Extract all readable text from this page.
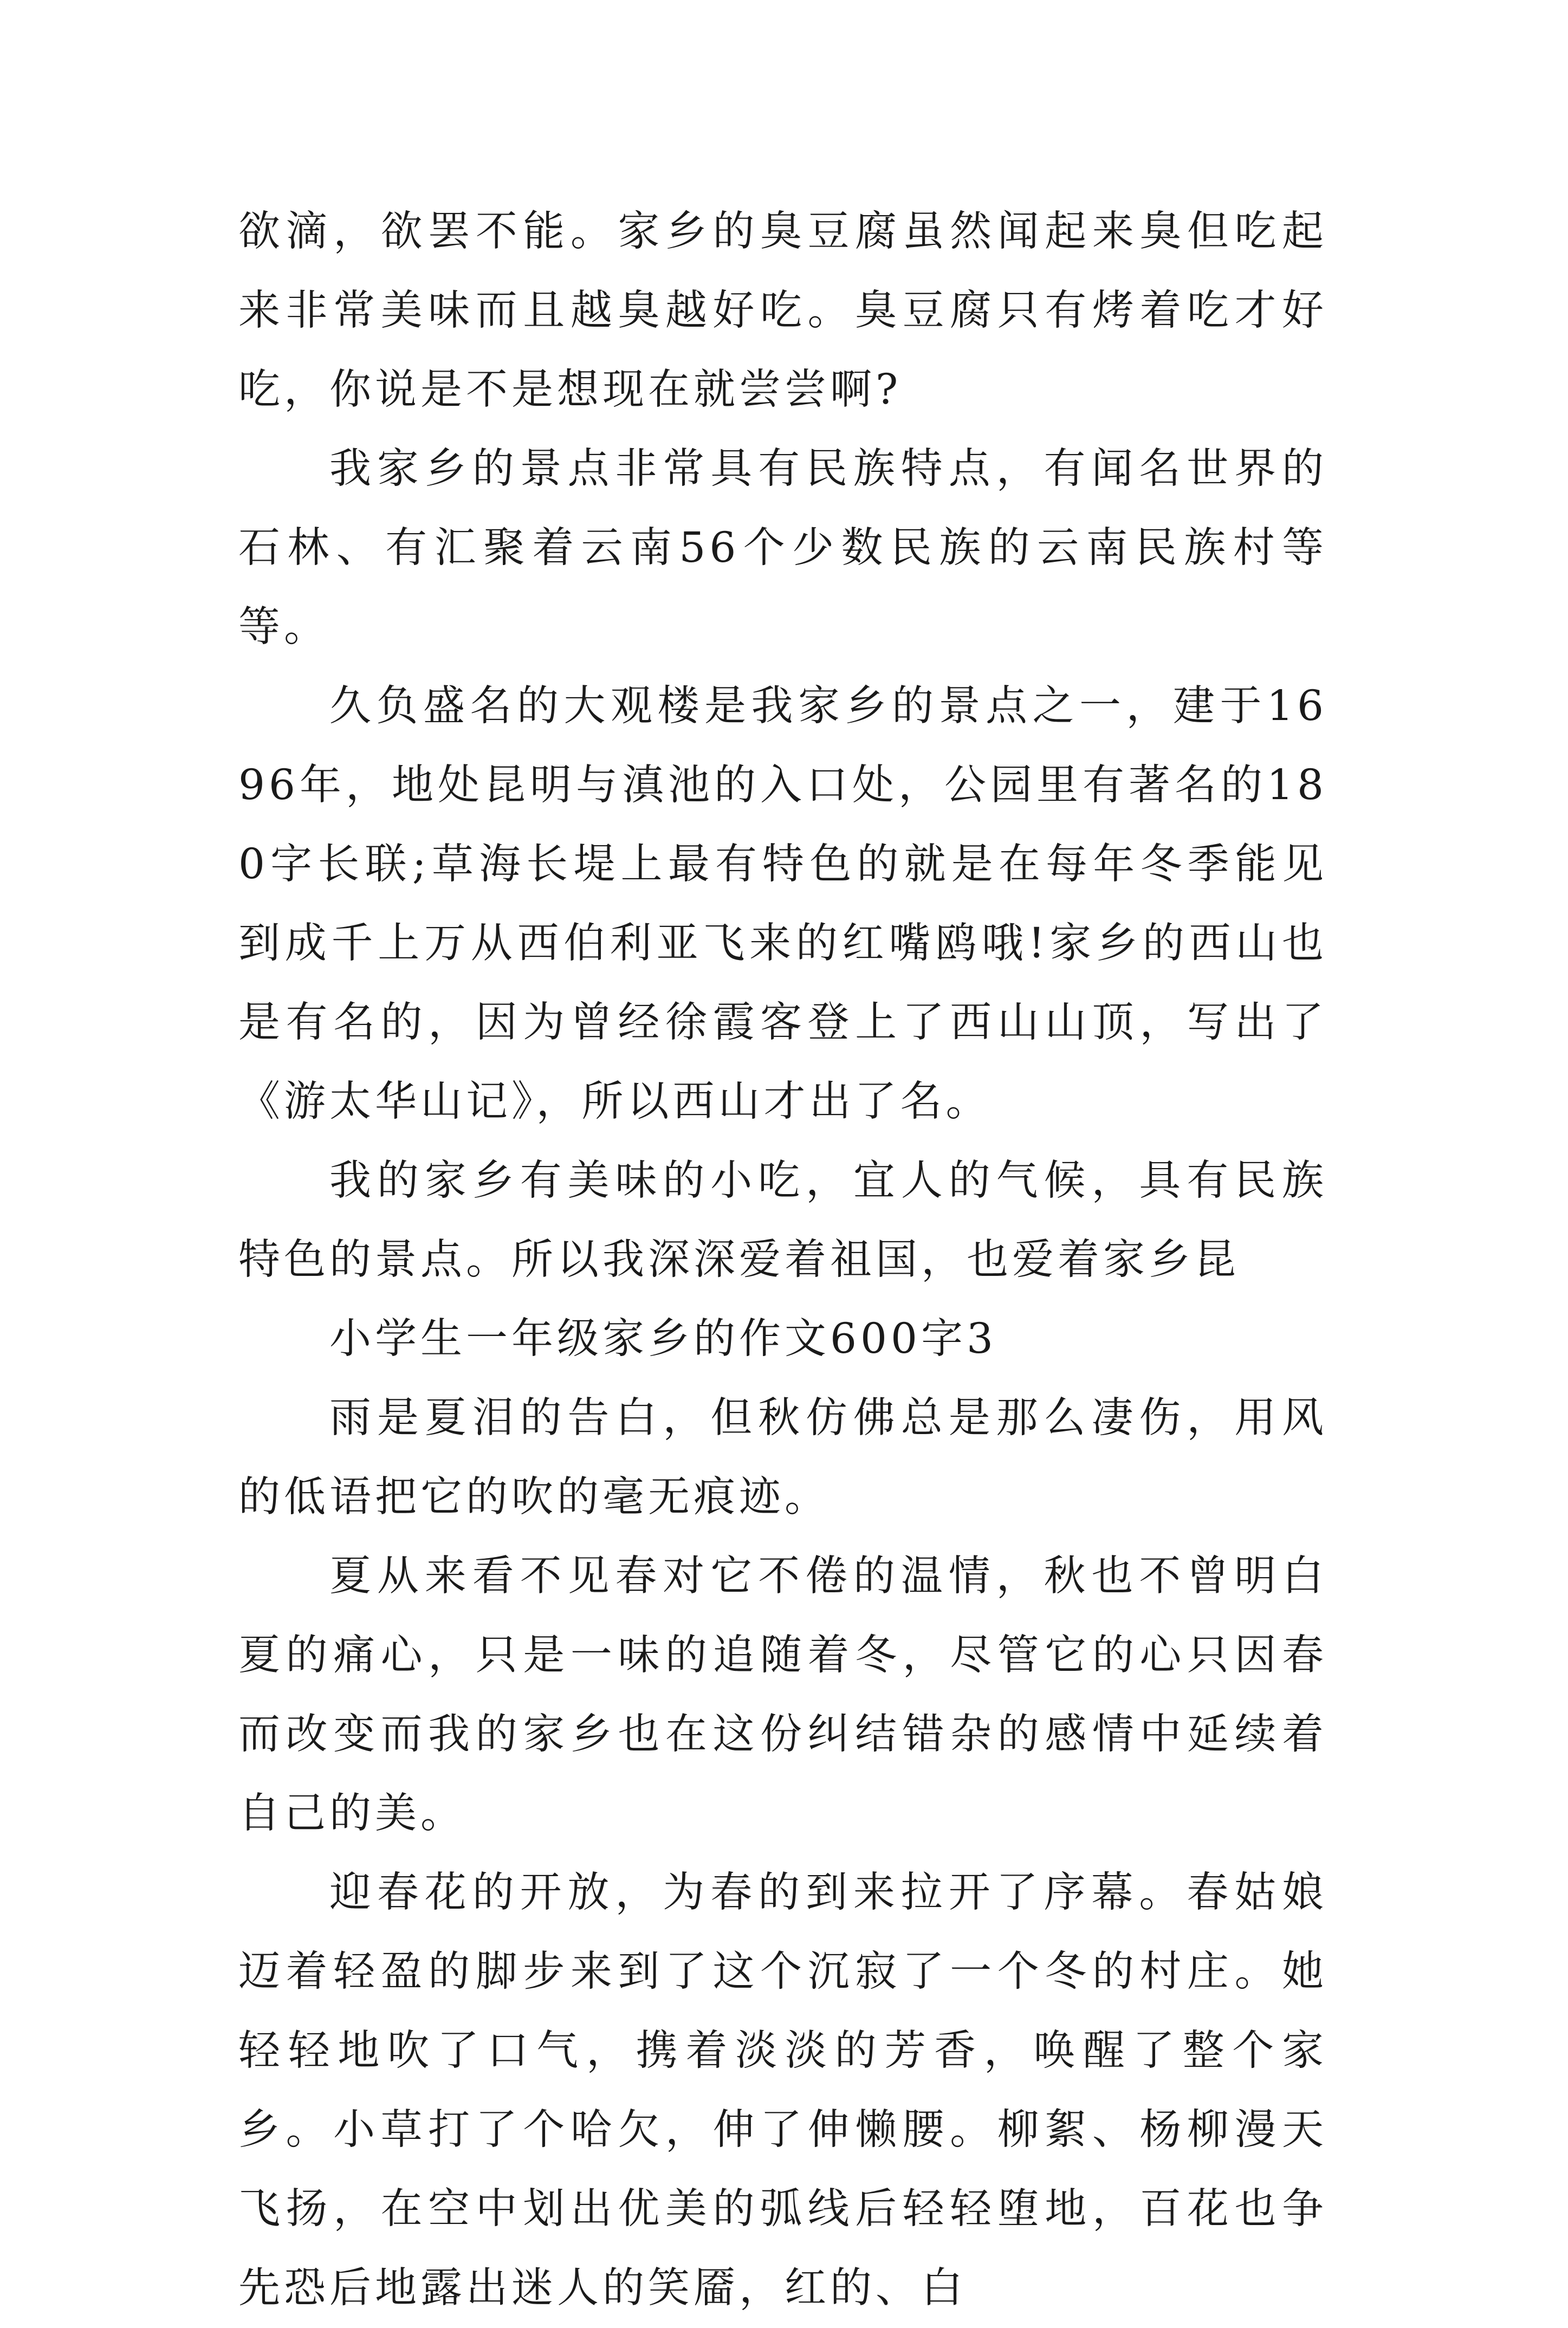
欲滴，欲罢不能。家乡的臭豆腐虽然闻起来臭但吃起来非常美味而且越臭越好吃。臭豆腐只有烤着吃才好吃，你说是不是想现在就尝尝啊?

我家乡的景点非常具有民族特点，有闻名世界的石林、有汇聚着云南56个少数民族的云南民族村等等。

久负盛名的大观楼是我家乡的景点之一，建于1696年，地处昆明与滇池的入口处，公园里有著名的180字长联;草海长堤上最有特色的就是在每年冬季能见到成千上万从西伯利亚飞来的红嘴鸥哦!家乡的西山也是有名的，因为曾经徐霞客登上了西山山顶，写出了《游太华山记》，所以西山才出了名。

我的家乡有美味的小吃，宜人的气候，具有民族特色的景点。所以我深深爱着祖国，也爱着家乡昆

小学生一年级家乡的作文600字3

雨是夏泪的告白，但秋仿佛总是那么凄伤，用风的低语把它的吹的毫无痕迹。

夏从来看不见春对它不倦的温情，秋也不曾明白夏的痛心，只是一味的追随着冬，尽管它的心只因春而改变而我的家乡也在这份纠结错杂的感情中延续着自己的美。

迎春花的开放，为春的到来拉开了序幕。春姑娘迈着轻盈的脚步来到了这个沉寂了一个冬的村庄。她轻轻地吹了口气，携着淡淡的芳香，唤醒了整个家乡。小草打了个哈欠，伸了伸懒腰。柳絮、杨柳漫天飞扬，在空中划出优美的弧线后轻轻堕地，百花也争先恐后地露出迷人的笑靥，红的、白
